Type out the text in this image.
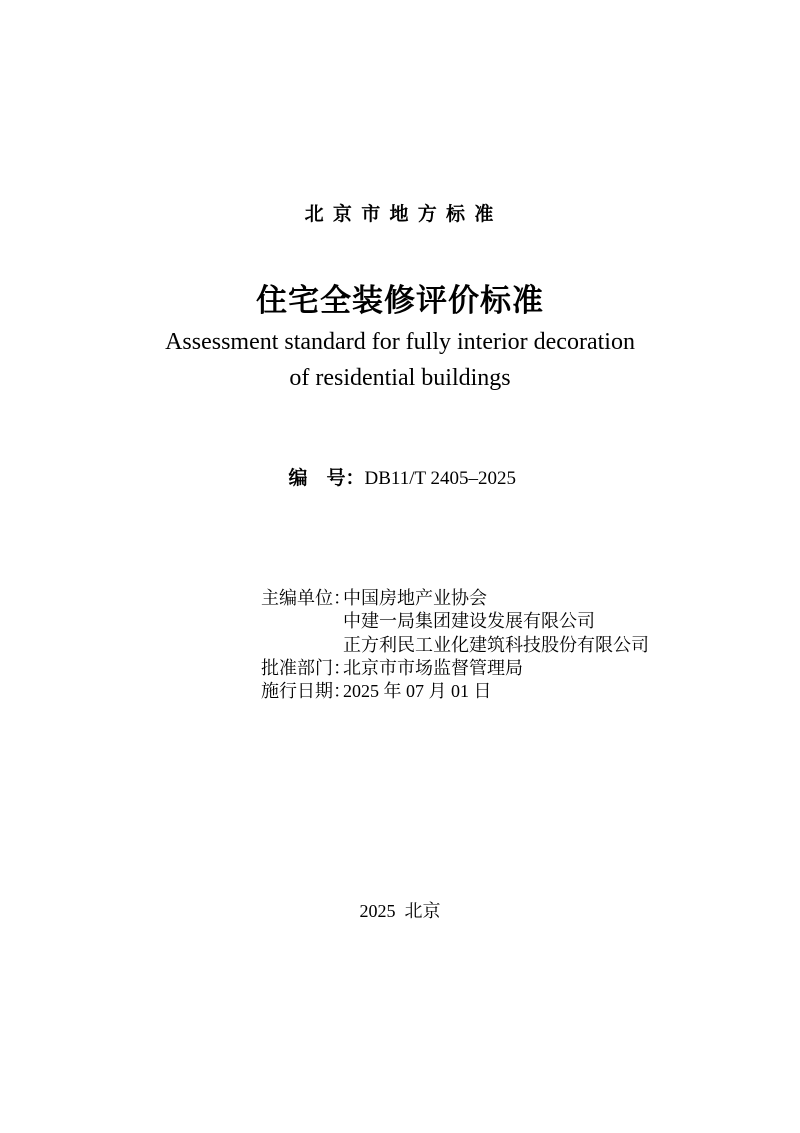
北 京 市 地 方 标 准
住宅全装修评价标准
Assessment standard for fully interior decoration
of residential buildings

编　号：DB11/T 2405–2025

主编单位：
中国房地产业协会
中建一局集团建设发展有限公司
正方利民工业化建筑科技股份有限公司
批准部门：
北京市市场监督管理局
施行日期：
2025 年 07 月 01 日
2025  北京
